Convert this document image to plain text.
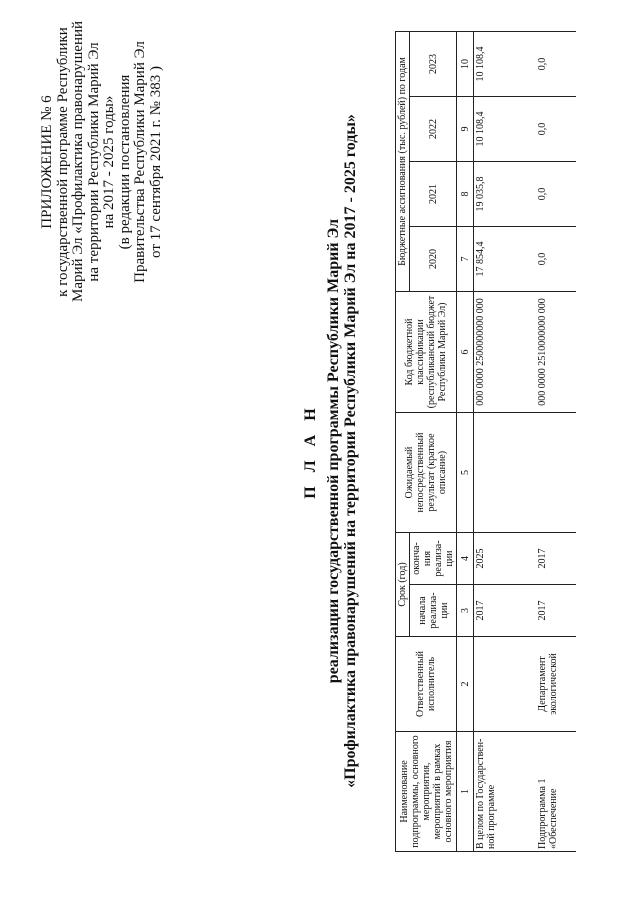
ПРИЛОЖЕНИЕ № 6 к государственной программе Республики Марий Эл «Профилактика правонарушений на территории Республики Марий Эл на 2017 - 2025 годы» (в редакции постановления Правительства Республики Марий Эл от 17 сентября 2021 г. № 383 )
П Л А Н реализации государственной программы Республики Марий Эл «Профилактика правонарушений на территории Республики Марий Эл на 2017 - 2025 годы»
Наименование подпрограммы, основного мероприятия, мероприятий в рамках основного мероприятия	Ответственный исполнитель	Срок (год)		Ожидаемый непосредственный результат (краткое описание)	Код бюджетной классификации (республиканский бюджет Республики Марий Эл)	Бюджетные ассигнования (тыс. рублей) по годам			
		начала реализа-ции	оконча-ния реализа-ции			2020	2021	2022	2023
1	2	3	4	5	6	7	8	9	10
В целом по Государствен-ной программе		2017	2025		000 0000 2500000000 000	17 854,4	19 035,8	10 108,4	10 108,4
Подпрограмма 1 «Обеспечение	Департамент экологической	2017	2017		000 0000 2510000000 000	0,0	0,0	0,0	0,0
